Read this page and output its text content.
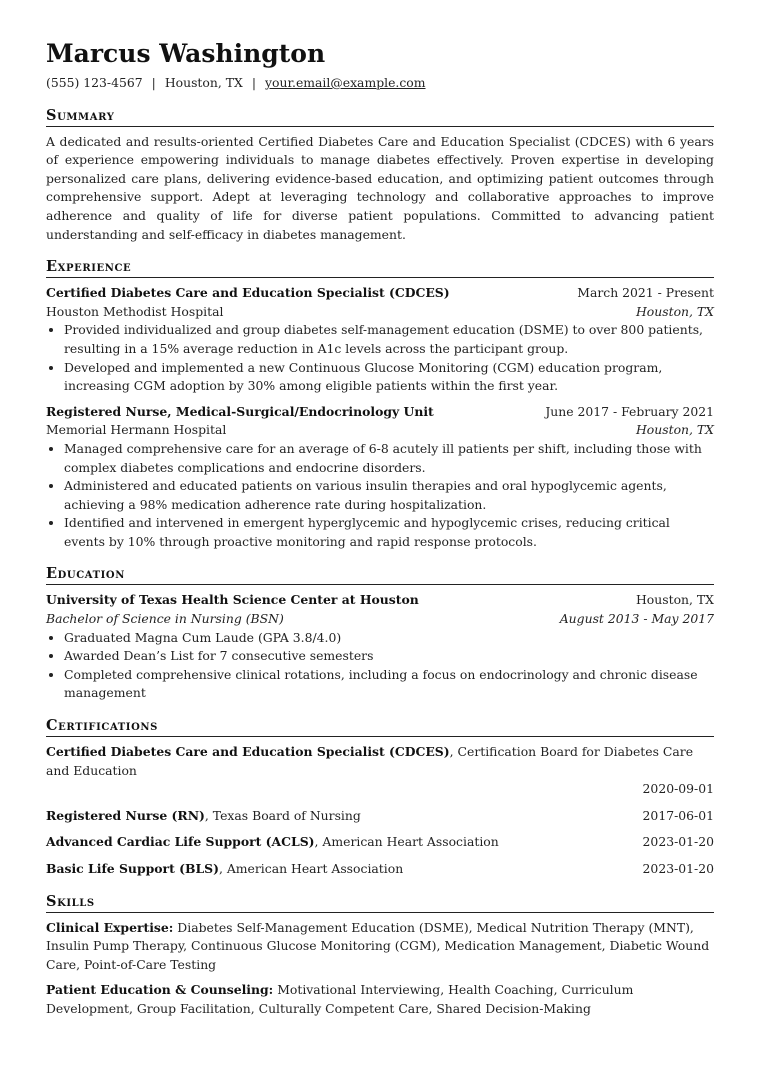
Marcus Washington
(555) 123-4567 | Houston, TX | your.email@example.com
Summary
A dedicated and results-oriented Certified Diabetes Care and Education Specialist (CDCES) with 6 years of experience empowering individuals to manage diabetes effectively. Proven expertise in developing personalized care plans, delivering evidence-based education, and optimizing patient outcomes through comprehensive support. Adept at leveraging technology and collaborative approaches to improve adherence and quality of life for diverse patient populations. Committed to advancing patient understanding and self-efficacy in diabetes management.
Experience
Certified Diabetes Care and Education Specialist (CDCES)	March 2021 - Present
Houston Methodist Hospital	Houston, TX
• Provided individualized and group diabetes self-management education (DSME) to over 800 patients, resulting in a 15% average reduction in A1c levels across the participant group.
• Developed and implemented a new Continuous Glucose Monitoring (CGM) education program, increasing CGM adoption by 30% among eligible patients within the first year.
Registered Nurse, Medical-Surgical/Endocrinology Unit	June 2017 - February 2021
Memorial Hermann Hospital	Houston, TX
• Managed comprehensive care for an average of 6-8 acutely ill patients per shift, including those with complex diabetes complications and endocrine disorders.
• Administered and educated patients on various insulin therapies and oral hypoglycemic agents, achieving a 98% medication adherence rate during hospitalization.
• Identified and intervened in emergent hyperglycemic and hypoglycemic crises, reducing critical events by 10% through proactive monitoring and rapid response protocols.
Education
University of Texas Health Science Center at Houston	Houston, TX
Bachelor of Science in Nursing (BSN)	August 2013 - May 2017
• Graduated Magna Cum Laude (GPA 3.8/4.0)
• Awarded Dean’s List for 7 consecutive semesters
• Completed comprehensive clinical rotations, including a focus on endocrinology and chronic disease management
Certifications
Certified Diabetes Care and Education Specialist (CDCES), Certification Board for Diabetes Care and Education
2020-09-01
Registered Nurse (RN), Texas Board of Nursing	2017-06-01
Advanced Cardiac Life Support (ACLS), American Heart Association	2023-01-20
Basic Life Support (BLS), American Heart Association	2023-01-20
Skills
Clinical Expertise: Diabetes Self-Management Education (DSME), Medical Nutrition Therapy (MNT), Insulin Pump Therapy, Continuous Glucose Monitoring (CGM), Medication Management, Diabetic Wound Care, Point-of-Care Testing
Patient Education & Counseling: Motivational Interviewing, Health Coaching, Curriculum Development, Group Facilitation, Culturally Competent Care, Shared Decision-Making
